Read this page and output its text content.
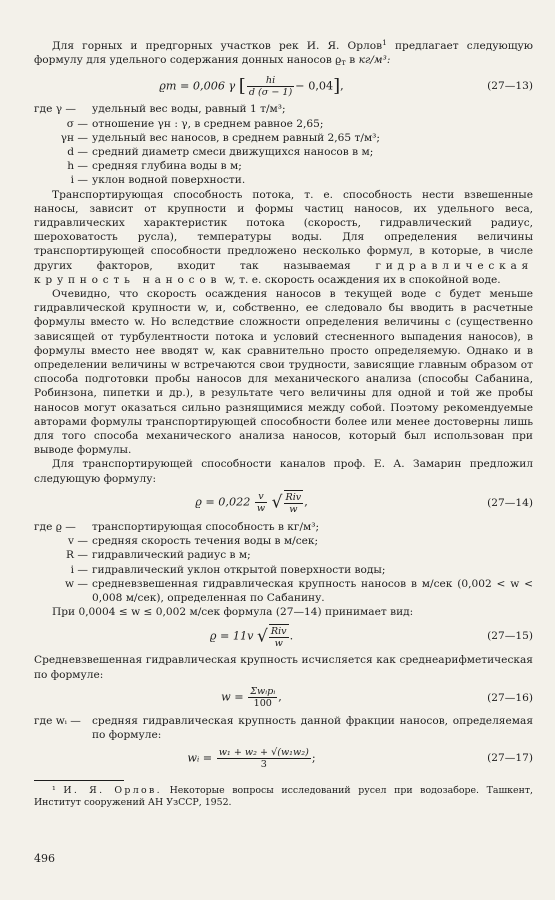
Для горных и предгорных участков рек И. Я. Орлов$^1$ предлагает следующую формулу для удельного содержания донных наносов $ϱ_т$ в кг/м³:

ϱт = 0,006 γ [ $\frac{hi}{d (\sigma - 1)} - 0,04$],	(27—13)
где γ —	удельный вес воды, равный 1 т/м³;
σ — отношение γн : γ, в среднем равное 2,65;
γн — удельный вес наносов, в среднем равный 2,65 т/м³;
d — средний диаметр смеси движущихся наносов в м;
h — средняя глубина воды в м;
i — уклон водной поверхности.

Транспортирующая способность потока, т. е. способность нести взвешенные наносы, зависит от крупности и формы частиц наносов, их удельного веса, гидравлических характеристик потока (скорость, гидравлический радиус, шероховатость русла), температуры воды. Для определения величины транспортирующей способности предложено несколько формул, в которые, в числе других факторов, входит так называемая гидравлическая крупность наносов w, т. е. скорость осаждения их в спокойной воде.

Очевидно, что скорость осаждения наносов в текущей воде c будет меньше гидравлической крупности w, и, собственно, ее следовало бы вводить в расчетные формулы вместо w. Но вследствие сложности определения величины c (существенно зависящей от турбулентности потока и условий стесненного выпадения наносов), в формулы вместо нее вводят w, как сравнительно просто определяемую. Однако и в определении величины w встречаются свои трудности, зависящие главным образом от способа подготовки пробы наносов для механического анализа (способы Сабанина, Робинзона, пипетки и др.), в результате чего величины для одной и той же пробы наносов могут оказаться сильно разнящимися между собой. Поэтому рекомендуемые авторами формулы транспортирующей способности более или менее достоверны лишь для того способа механического анализа наносов, который был использован при выводе формулы.

Для транспортирующей способности каналов проф. Е. А. Замарин предложил следующую формулу:

$ϱ = 0,022 \frac{v}{w}$ √ $\frac{\text{Riv}}{w}$ ,	(27—14)
где ϱ —	транспортирующая способность в кг/м³;
v — средняя скорость течения воды в м/сек;
R — гидравлический радиус в м;
i — гидравлический уклон открытой поверхности воды;
w — средневзвешенная гидравлическая крупность наносов в м/сек (0,002 < w < 0,008 м/сек), определенная по Сабанину.

При 0,0004 ≤ w ≤ 0,002 м/сек формула (27—14) принимает вид:

ϱ = 11v √ $\frac{\text{Riv}}{w}$ .	(27—15)

Средневзвешенная гидравлическая крупность исчисляется как среднеарифметическая по формуле:

$w = \frac{\text{Σwᵢpᵢ}}{100}$ ,	(27—16)
где wᵢ —	средняя гидравлическая крупность данной фракции наносов, определяемая по формуле:
wᵢ = $\frac{\text{w₁ + w₂ + √(w₁w₂)}}{3}$ ;	(27—17)

¹ И. Я. Орлов. Некоторые вопросы исследований русел при водозаборе. Ташкент, Институт сооружений АН УзССР, 1952.

496
